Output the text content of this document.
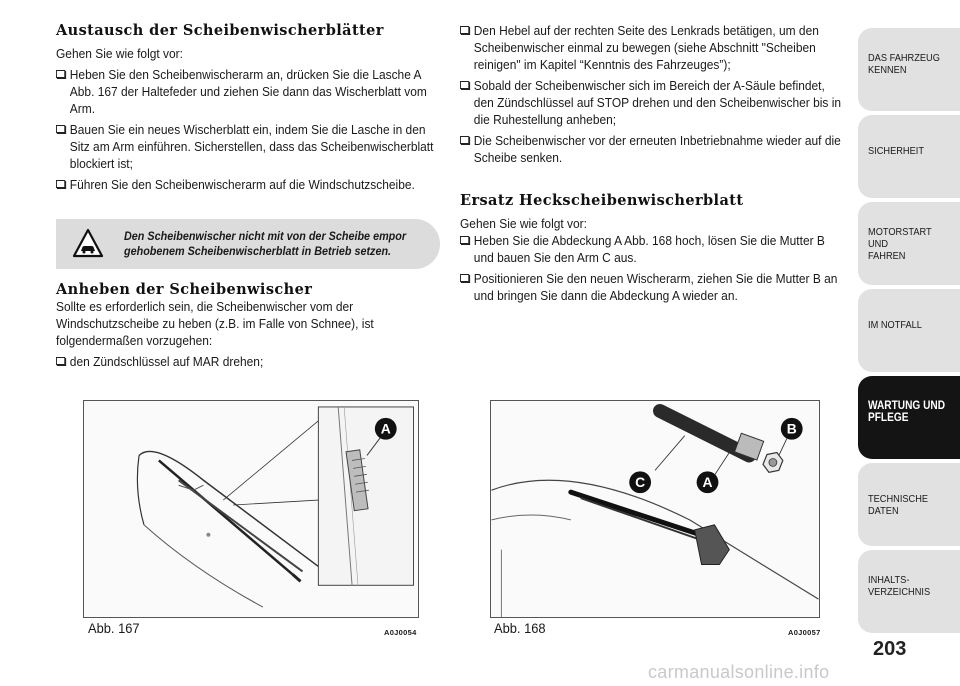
Austausch der Scheibenwischerblätter
Gehen Sie wie folgt vor:
Heben Sie den Scheibenwischerarm an, drücken Sie die Lasche A Abb. 167 der Haltefeder und ziehen Sie dann das Wischerblatt vom Arm.
Bauen Sie ein neues Wischerblatt ein, indem Sie die Lasche in den Sitz am Arm einführen. Sicherstellen, dass das Scheibenwischerblatt blockiert ist;
Führen Sie den Scheibenwischerarm auf die Windschutzscheibe.
Den Scheibenwischer nicht mit von der Scheibe empor gehobenem Scheibenwischerblatt in Betrieb setzen.
Anheben der Scheibenwischer
Sollte es erforderlich sein, die Scheibenwischer vom der Windschutzscheibe zu heben (z.B. im Falle von Schnee), ist folgendermaßen vorzugehen:
den Zündschlüssel auf MAR drehen;
Den Hebel auf der rechten Seite des Lenkrads betätigen, um den Scheibenwischer einmal zu bewegen (siehe Abschnitt "Scheiben reinigen" im Kapitel “Kenntnis des Fahrzeuges”);
Sobald der Scheibenwischer sich im Bereich der A-Säule befindet, den Zündschlüssel auf STOP drehen und den Scheibenwischer bis in die Ruhestellung anheben;
Die Scheibenwischer vor der erneuten Inbetriebnahme wieder auf die Scheibe senken.
Ersatz Heckscheibenwischerblatt
Gehen Sie wie folgt vor:
Heben Sie die Abdeckung A Abb. 168 hoch, lösen Sie die Mutter B und bauen Sie den Arm C aus.
Positionieren Sie den neuen Wischerarm, ziehen Sie die Mutter B an und bringen Sie dann die Abdeckung A wieder an.
A
Abb. 167	A0J0054
C	A
B
Abb. 168	A0J0057
DAS FAHRZEUG
KENNEN
SICHERHEIT
MOTORSTART UND
FAHREN
IM NOTFALL
WARTUNG UND
PFLEGE
TECHNISCHE DATEN
INHALTS-
VERZEICHNIS
203
carmanualsonline.info
